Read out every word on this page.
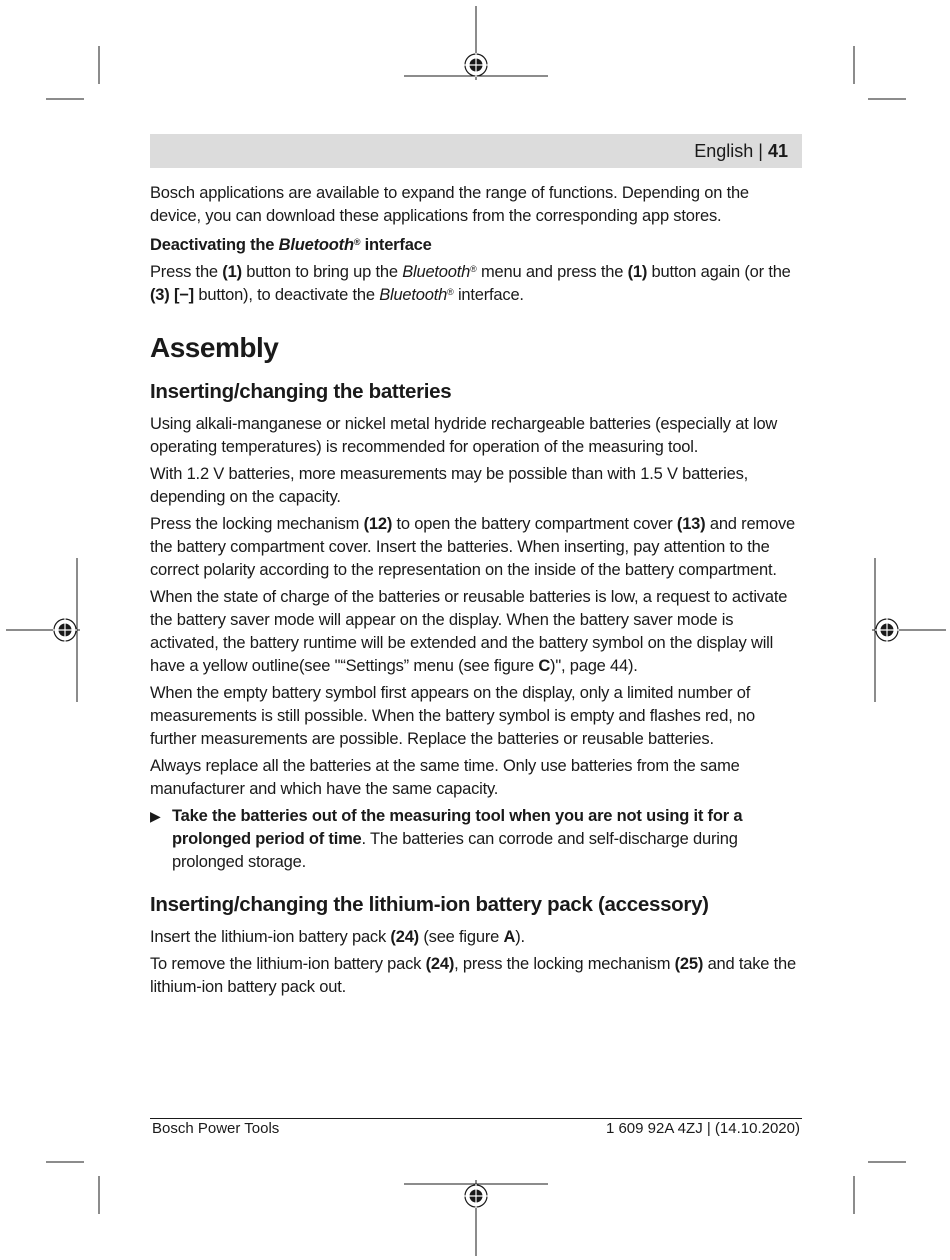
English | 41

Bosch applications are available to expand the range of functions. Depending on the device, you can download these applications from the corresponding app stores.

Deactivating the Bluetooth® interface

Press the (1) button to bring up the Bluetooth® menu and press the (1) button again (or the (3) [−] button), to deactivate the Bluetooth® interface.

Assembly
Inserting/changing the batteries

Using alkali-manganese or nickel metal hydride rechargeable batteries (especially at low operating temperatures) is recommended for operation of the measuring tool.

With 1.2 V batteries, more measurements may be possible than with 1.5 V batteries, depending on the capacity.

Press the locking mechanism (12) to open the battery compartment cover (13) and remove the battery compartment cover. Insert the batteries. When inserting, pay attention to the correct polarity according to the representation on the inside of the battery compartment.

When the state of charge of the batteries or reusable batteries is low, a request to activate the battery saver mode will appear on the display. When the battery saver mode is activated, the battery runtime will be extended and the battery symbol on the display will have a yellow outline(see "“Settings” menu (see figure C)", page 44).

When the empty battery symbol first appears on the display, only a limited number of measurements is still possible. When the battery symbol is empty and flashes red, no further measurements are possible. Replace the batteries or reusable batteries.

Always replace all the batteries at the same time. Only use batteries from the same manufacturer and which have the same capacity.

▶ Take the batteries out of the measuring tool when you are not using it for a prolonged period of time. The batteries can corrode and self-discharge during prolonged storage.
Inserting/changing the lithium-ion battery pack (accessory)

Insert the lithium-ion battery pack (24) (see figure A).

To remove the lithium-ion battery pack (24), press the locking mechanism (25) and take the lithium-ion battery pack out.

Bosch Power Tools	1 609 92A 4ZJ | (14.10.2020)
